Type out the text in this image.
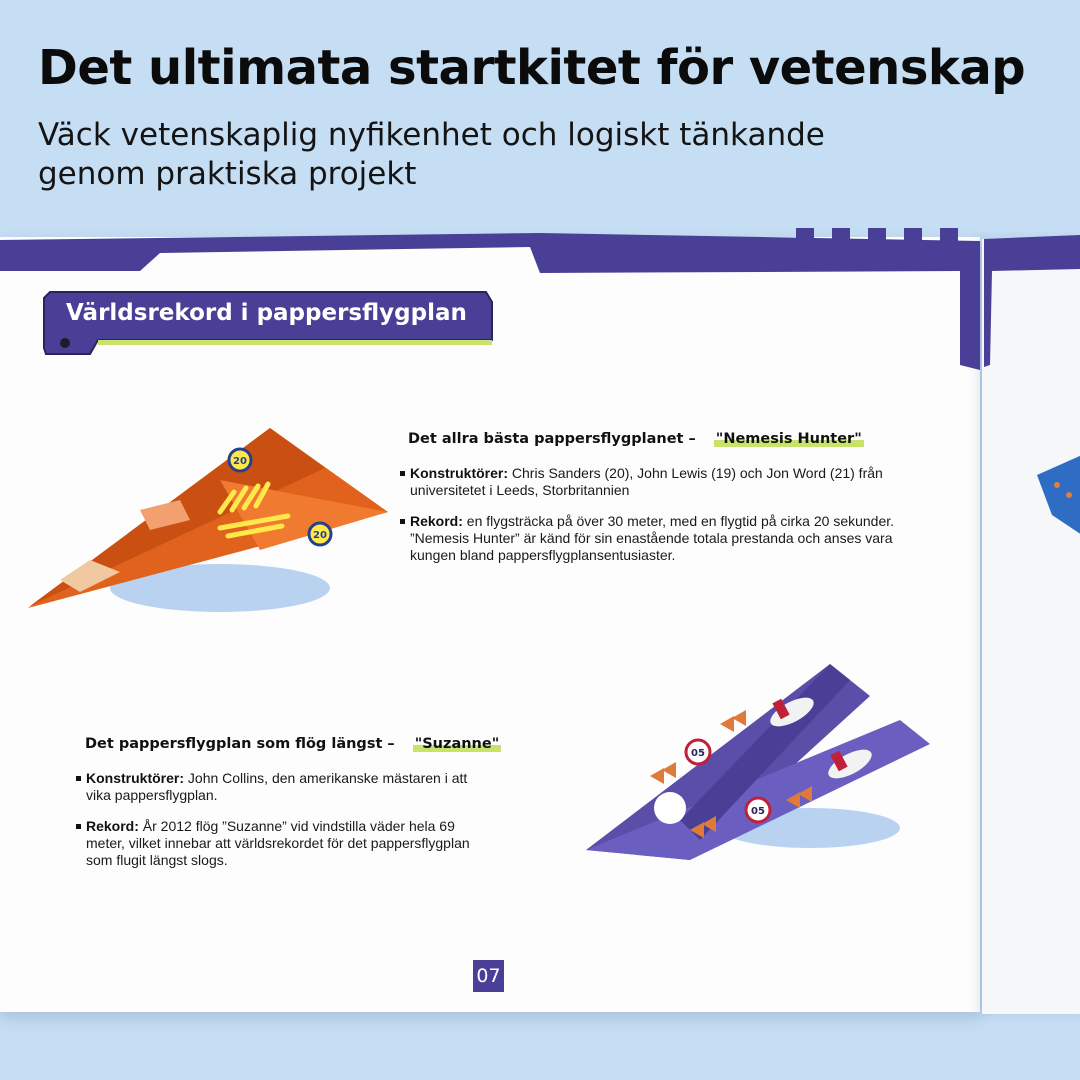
Det ultimata startkitet för vetenskap
Väck vetenskaplig nyfikenhet och logiskt tänkande genom praktiska projekt
Världsrekord i pappersflygplan
20
20
05
05
Det allra bästa pappersflygplanet – "Nemesis Hunter"
Konstruktörer: Chris Sanders (20), John Lewis (19) och Jon Word (21) från universitetet i Leeds, Storbritannien
Rekord: en flygsträcka på över 30 meter, med en flygtid på cirka 20 sekunder. ”Nemesis Hunter” är känd för sin enastående totala prestanda och anses vara kungen bland pappersflygplansentusiaster.
Det pappersflygplan som flög längst – "Suzanne"
Konstruktörer: John Collins, den amerikanske mästaren i att vika pappersflygplan.
Rekord: År 2012 flög ”Suzanne” vid vindstilla väder hela 69 meter, vilket innebar att världsrekordet för det pappersflygplan som flugit längst slogs.
07
